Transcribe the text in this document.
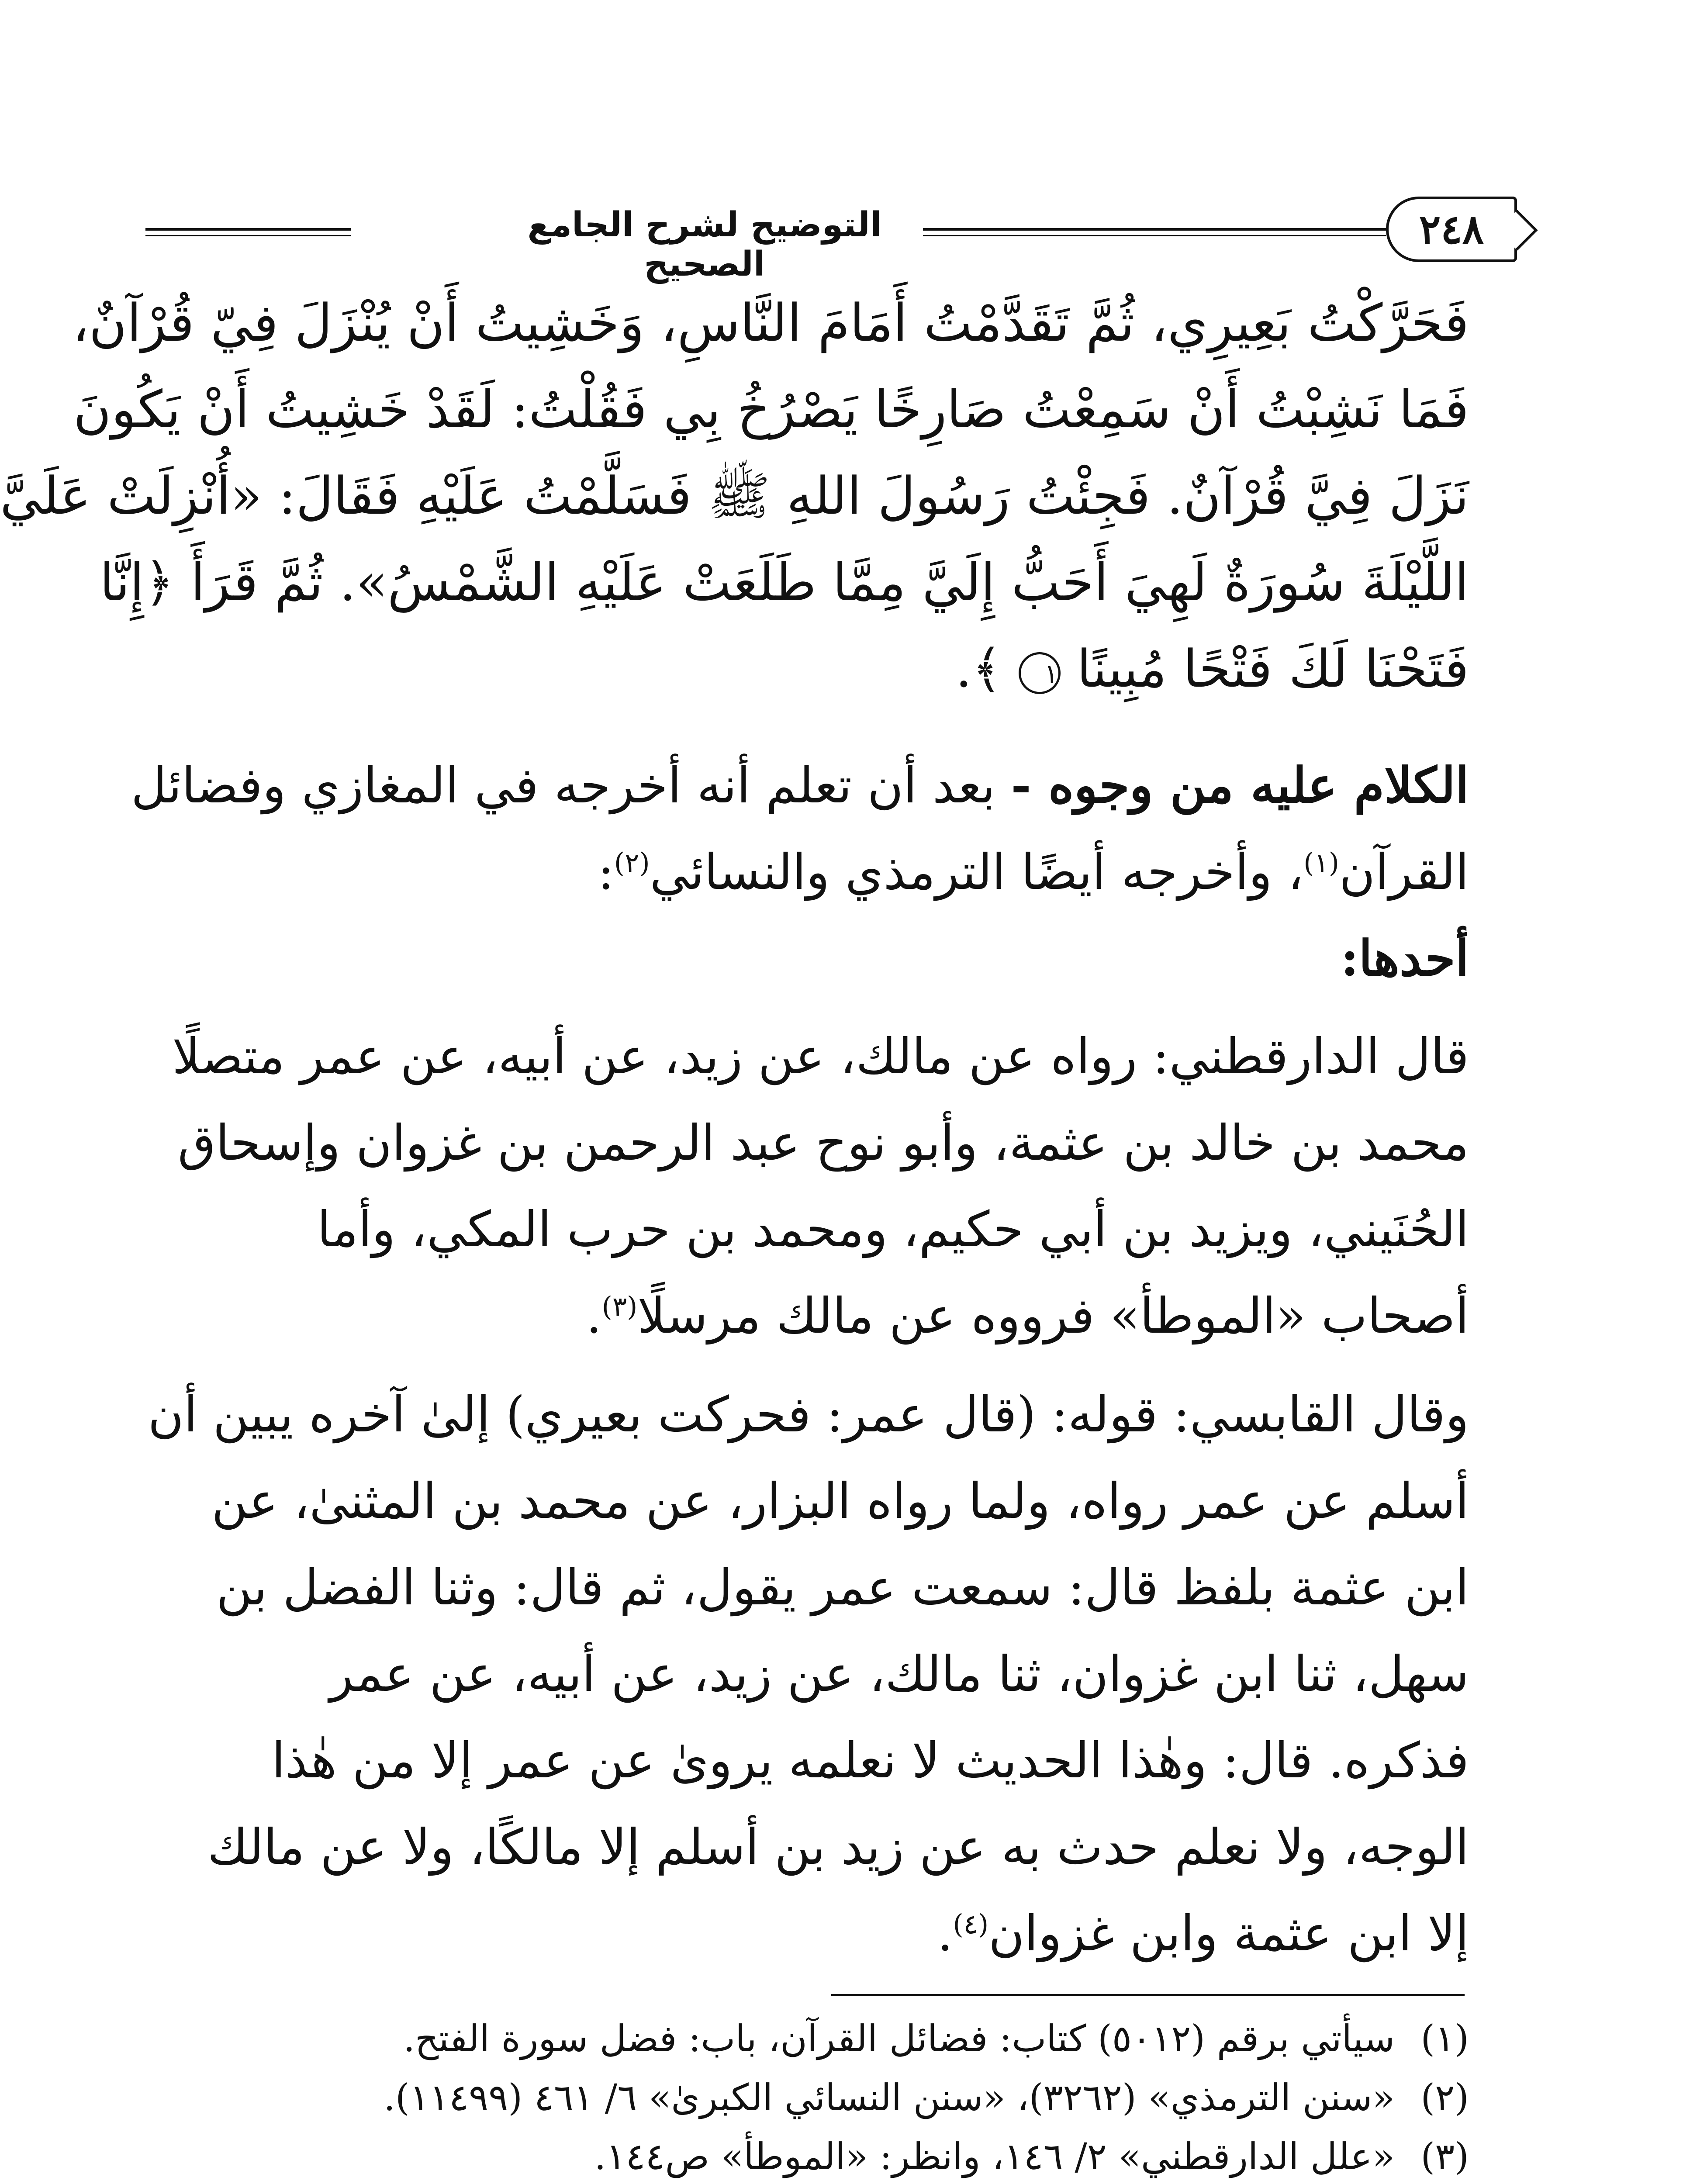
التوضيح لشرح الجامع الصحيح
٢٤٨
فَحَرَّكْتُ بَعِيرِي، ثُمَّ تَقَدَّمْتُ أَمَامَ النَّاسِ، وَخَشِيتُ أَنْ يُنْزَلَ فِيّ قُرْآنٌ،
فَمَا نَشِبْتُ أَنْ سَمِعْتُ صَارِخًا يَصْرُخُ بِي فَقُلْتُ: لَقَدْ خَشِيتُ أَنْ يَكُونَ
نَزَلَ فِيَّ قُرْآنٌ. فَجِئْتُ رَسُولَ اللهِ ﷺ فَسَلَّمْتُ عَلَيْهِ فَقَالَ: «أُنْزِلَتْ عَلَيَّ
اللَّيْلَةَ سُورَةٌ لَهِيَ أَحَبُّ إِلَيَّ مِمَّا طَلَعَتْ عَلَيْهِ الشَّمْسُ». ثُمَّ قَرَأَ ﴿إِنَّا
فَتَحْنَا لَكَ فَتْحًا مُبِينًا ١ ﴾.
الكلام عليه من وجوه - بعد أن تعلم أنه أخرجه في المغازي وفضائل
القرآن$^{(١)}$، وأخرجه أيضًا الترمذي والنسائي$^{(٢)}$:
أحدها:
قال الدارقطني: رواه عن مالك، عن زيد، عن أبيه، عن عمر متصلًا
محمد بن خالد بن عثمة، وأبو نوح عبد الرحمن بن غزوان وإسحاق
الحُنَيني، ويزيد بن أبي حكيم، ومحمد بن حرب المكي، وأما
أصحاب «الموطأ» فرووه عن مالك مرسلًا$^{(٣)}$.
وقال القابسي: قوله: (قال عمر: فحركت بعيري) إلىٰ آخره يبين أن
أسلم عن عمر رواه، ولما رواه البزار، عن محمد بن المثنىٰ، عن
ابن عثمة بلفظ قال: سمعت عمر يقول، ثم قال: وثنا الفضل بن
سهل، ثنا ابن غزوان، ثنا مالك، عن زيد، عن أبيه، عن عمر
فذكره. قال: وهٰذا الحديث لا نعلمه يرویٰ عن عمر إلا من هٰذا
الوجه، ولا نعلم حدث به عن زيد بن أسلم إلا مالكًا، ولا عن مالك
إلا ابن عثمة وابن غزوان$^{(٤)}$.
(١)
سيأتي برقم (٥٠١٢) كتاب: فضائل القرآن، باب: فضل سورة الفتح.
(٢)
«سنن الترمذي» (٣٢٦٢)، «سنن النسائي الكبرىٰ» ٦/ ٤٦١ (١١٤٩٩).
(٣)
«علل الدارقطني» ٢/ ١٤٦، وانظر: «الموطأ» ص١٤٤.
